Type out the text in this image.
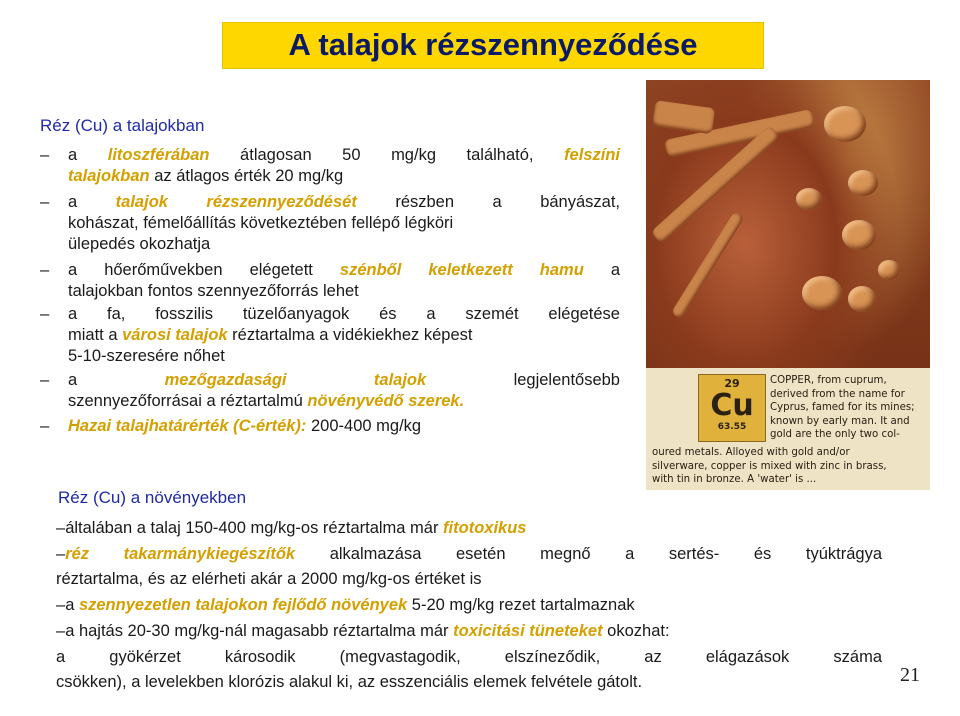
A talajok rézszennyeződése
Réz (Cu) a talajokban
– a litoszférában átlagosan 50 mg/kg található, felszíni
talajokban az átlagos érték 20 mg/kg
– a talajok rézszennyeződését részben a bányászat,
kohászat, fémelőállítás következtében fellépő légköri
ülepedés okozhatja
– a hőerőművekben elégetett szénből keletkezett hamu a
talajokban fontos szennyezőforrás lehet
– a fa, fosszilis tüzelőanyagok és a szemét elégetése
miatt a városi talajok réztartalma a vidékiekhez képest
5-10-szeresére nőhet
– a	mezőgazdasági	talajok	legjelentősebb
szennyezőforrásai a réztartalmú növényvédő szerek.
– Hazai talajhatárérték (C-érték): 200-400 mg/kg
29
Cu
63.55
COPPER, from cuprum, derived from the name for Cyprus, famed for its mines; known by early man. It and gold are the only two col-
oured metals. Alloyed with gold and/or
silverware, copper is mixed with zinc in brass,
with tin in bronze. A 'water' is ...
Réz (Cu) a növényekben
–általában a talaj 150-400 mg/kg-os réztartalma már fitotoxikus
–réz takarmánykiegészítők alkalmazása esetén megnő a sertés- és tyúktrágya
réztartalma, és az elérheti akár a 2000 mg/kg-os értéket is
–a szennyezetlen talajokon fejlődő növények 5-20 mg/kg rezet tartalmaznak
–a hajtás 20-30 mg/kg-nál magasabb réztartalma már toxicitási tüneteket okozhat:
a gyökérzet károsodik (megvastagodik, elszíneződik, az elágazások száma
csökken), a levelekben klorózis alakul ki, az esszenciális elemek felvétele gátolt.	21
